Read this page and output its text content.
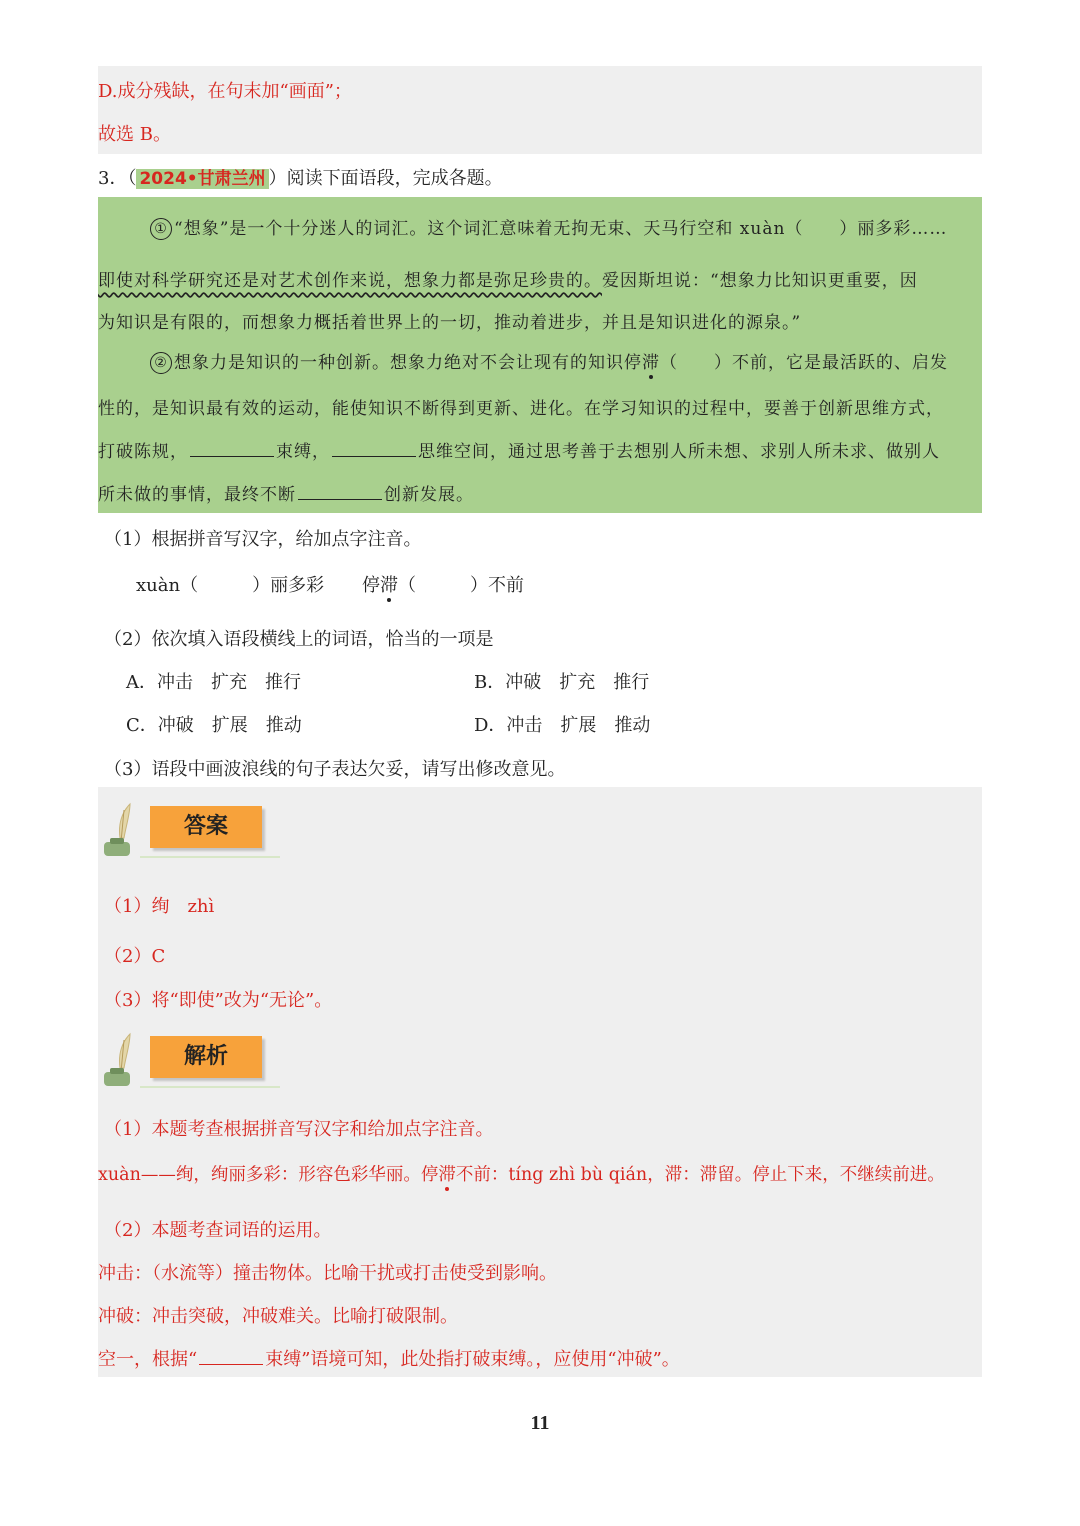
D.成分残缺，在句末加“画面”；
故选 B。
3．（ 2024•甘肃兰州 ）阅读下面语段，完成各题。
① “想象”是一个十分迷人的词汇。这个词汇意味着无拘无束、天马行空和 xuàn（　　）丽多彩……
即使对科学研究还是对艺术创作来说，想象力都是弥足珍贵的。爱因斯坦说：“想象力比知识更重要，因
为知识是有限的，而想象力概括着世界上的一切，推动着进步，并且是知识进化的源泉。”
② 想象力是知识的一种创新。想象力绝对不会让现有的知识停滞（　　）不前，它是最活跃的、启发
性的，是知识最有效的运动，能使知识不断得到更新、进化。在学习知识的过程中，要善于创新思维方式，
打破陈规，	束缚，	思维空间，通过思考善于去想别人所未想、求别人所未求、做别人
所未做的事情，最终不断	创新发展。
（1）根据拼音写汉字，给加点字注音。
xuàn（　　　）丽多彩 停滞（　　　）不前
（2）依次填入语段横线上的词语，恰当的一项是
A．冲击　扩充　推行	B．冲破　扩充　推行
C．冲破　扩展　推动	D．冲击　扩展　推动
（3）语段中画波浪线的句子表达欠妥，请写出修改意见。
答案
（1）绚　zhì
（2）C
（3）将“即使”改为“无论”。
解析
（1）本题考查根据拼音写汉字和给加点字注音。
xuàn——绚，绚丽多彩：形容色彩华丽。停滞不前：tíng zhì bù qián，滞：滞留。停止下来，不继续前进。
（2）本题考查词语的运用。
冲击：（水流等）撞击物体。比喻干扰或打击使受到影响。
冲破：冲击突破，冲破难关。比喻打破限制。
空一，根据“	束缚”语境可知，此处指打破束缚。，应使用“冲破”。
11
